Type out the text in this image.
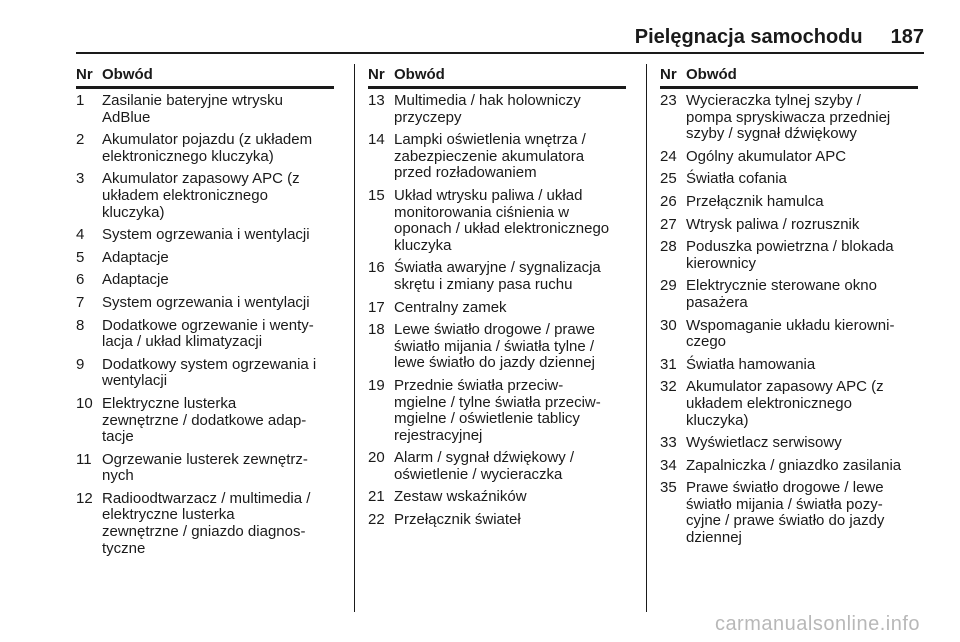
Pielęgnacja samochodu 187
Nr Obwód
1	Zasilanie bateryjne wtrysku
AdBlue
2	Akumulator pojazdu (z układem
elektronicznego kluczyka)
3	Akumulator zapasowy APC (z
układem elektronicznego
kluczyka)
4	System ogrzewania i wentylacji
5	Adaptacje
6	Adaptacje
7	System ogrzewania i wentylacji
8	Dodatkowe ogrzewanie i wenty-
lacja / układ klimatyzacji
9	Dodatkowy system ogrzewania i
wentylacji
10 Elektryczne lusterka
zewnętrzne / dodatkowe adap-
tacje
11 Ogrzewanie lusterek zewnętrz-
nych
12 Radioodtwarzacz / multimedia /
elektryczne lusterka
zewnętrzne / gniazdo diagnos-
tyczne
Nr Obwód
13 Multimedia / hak holowniczy
przyczepy
14 Lampki oświetlenia wnętrza /
zabezpieczenie akumulatora
przed rozładowaniem
15 Układ wtrysku paliwa / układ
monitorowania ciśnienia w
oponach / układ elektronicznego
kluczyka
16 Światła awaryjne / sygnalizacja
skrętu i zmiany pasa ruchu
17 Centralny zamek
18 Lewe światło drogowe / prawe
światło mijania / światła tylne /
lewe światło do jazdy dziennej
19 Przednie światła przeciw-
mgielne / tylne światła przeciw-
mgielne / oświetlenie tablicy
rejestracyjnej
20 Alarm / sygnał dźwiękowy /
oświetlenie / wycieraczka
21 Zestaw wskaźników
22 Przełącznik świateł
Nr Obwód
23 Wycieraczka tylnej szyby /
pompa spryskiwacza przedniej
szyby / sygnał dźwiękowy
24 Ogólny akumulator APC
25 Światła cofania
26 Przełącznik hamulca
27 Wtrysk paliwa / rozrusznik
28 Poduszka powietrzna / blokada
kierownicy
29 Elektrycznie sterowane okno
pasażera
30 Wspomaganie układu kierowni-
czego
31 Światła hamowania
32 Akumulator zapasowy APC (z
układem elektronicznego
kluczyka)
33 Wyświetlacz serwisowy
34 Zapalniczka / gniazdko zasilania
35 Prawe światło drogowe / lewe
światło mijania / światła pozy-
cyjne / prawe światło do jazdy
dziennej
carmanualsonline.info
